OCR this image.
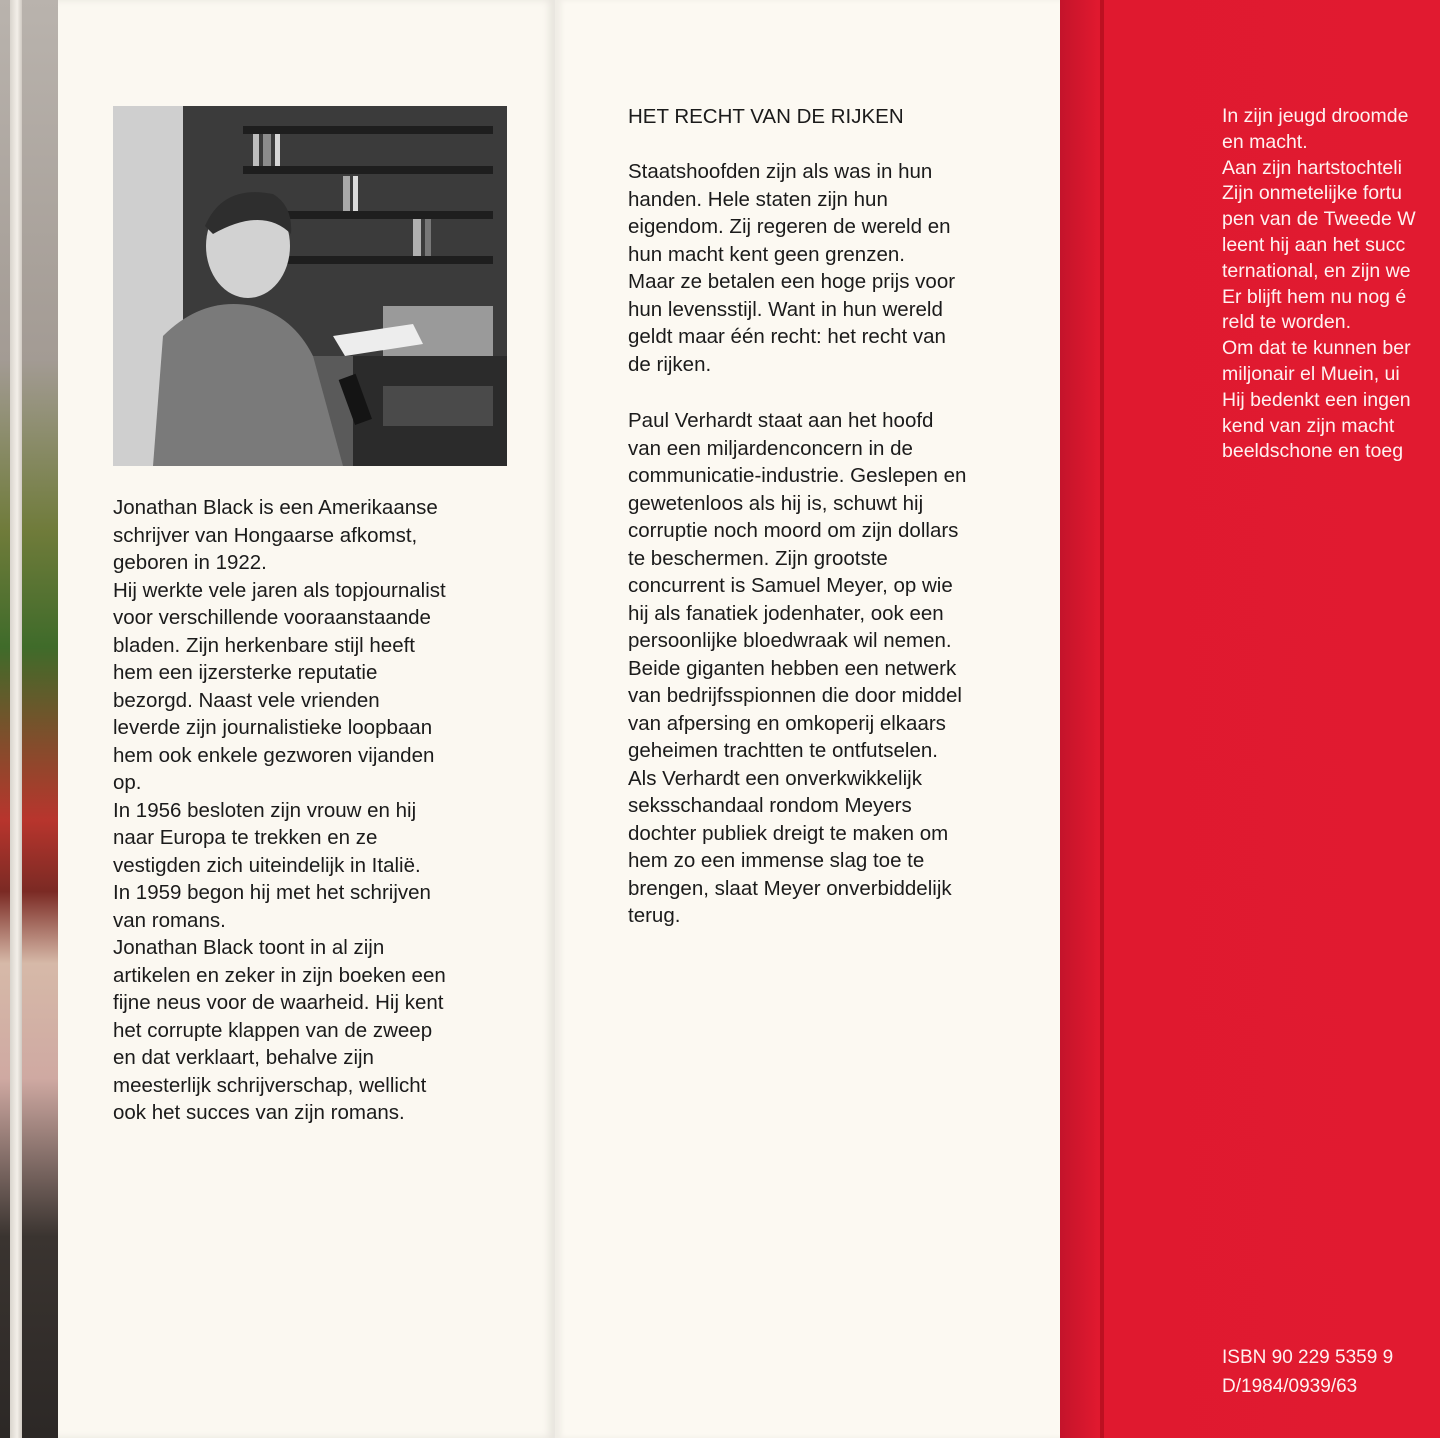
Jonathan Black is een Amerikaanse
schrijver van Hongaarse afkomst,
geboren in 1922.
Hij werkte vele jaren als topjournalist
voor verschillende vooraanstaande
bladen. Zijn herkenbare stijl heeft
hem een ijzersterke reputatie
bezorgd. Naast vele vrienden
leverde zijn journalistieke loopbaan
hem ook enkele gezworen vijanden
op.
In 1956 besloten zijn vrouw en hij
naar Europa te trekken en ze
vestigden zich uiteindelijk in Italië.
In 1959 begon hij met het schrijven
van romans.
Jonathan Black toont in al zijn
artikelen en zeker in zijn boeken een
fijne neus voor de waarheid. Hij kent
het corrupte klappen van de zweep
en dat verklaart, behalve zijn
meesterlijk schrijverschap, wellicht
ook het succes van zijn romans.

HET RECHT VAN DE RIJKEN

Staatshoofden zijn als was in hun
handen. Hele staten zijn hun
eigendom. Zij regeren de wereld en
hun macht kent geen grenzen.
Maar ze betalen een hoge prijs voor
hun levensstijl. Want in hun wereld
geldt maar één recht: het recht van
de rijken.

Paul Verhardt staat aan het hoofd
van een miljardenconcern in de
communicatie-industrie. Geslepen en
gewetenloos als hij is, schuwt hij
corruptie noch moord om zijn dollars
te beschermen. Zijn grootste
concurrent is Samuel Meyer, op wie
hij als fanatiek jodenhater, ook een
persoonlijke bloedwraak wil nemen.
Beide giganten hebben een netwerk
van bedrijfsspionnen die door middel
van afpersing en omkoperij elkaars
geheimen trachtten te ontfutselen.
Als Verhardt een onverkwikkelijk
seksschandaal rondom Meyers
dochter publiek dreigt te maken om
hem zo een immense slag toe te
brengen, slaat Meyer onverbiddelijk
terug.

In zijn jeugd droomde
en macht.
Aan zijn hartstochteli
Zijn onmetelijke fortu
pen van de Tweede W
leent hij aan het succ
ternational, en zijn we
Er blijft hem nu nog é
reld te worden.
Om dat te kunnen ber
miljonair el Muein, ui
Hij bedenkt een ingen
kend van zijn macht
beeldschone en toeg

ISBN 90 229 5359 9

D/1984/0939/63
